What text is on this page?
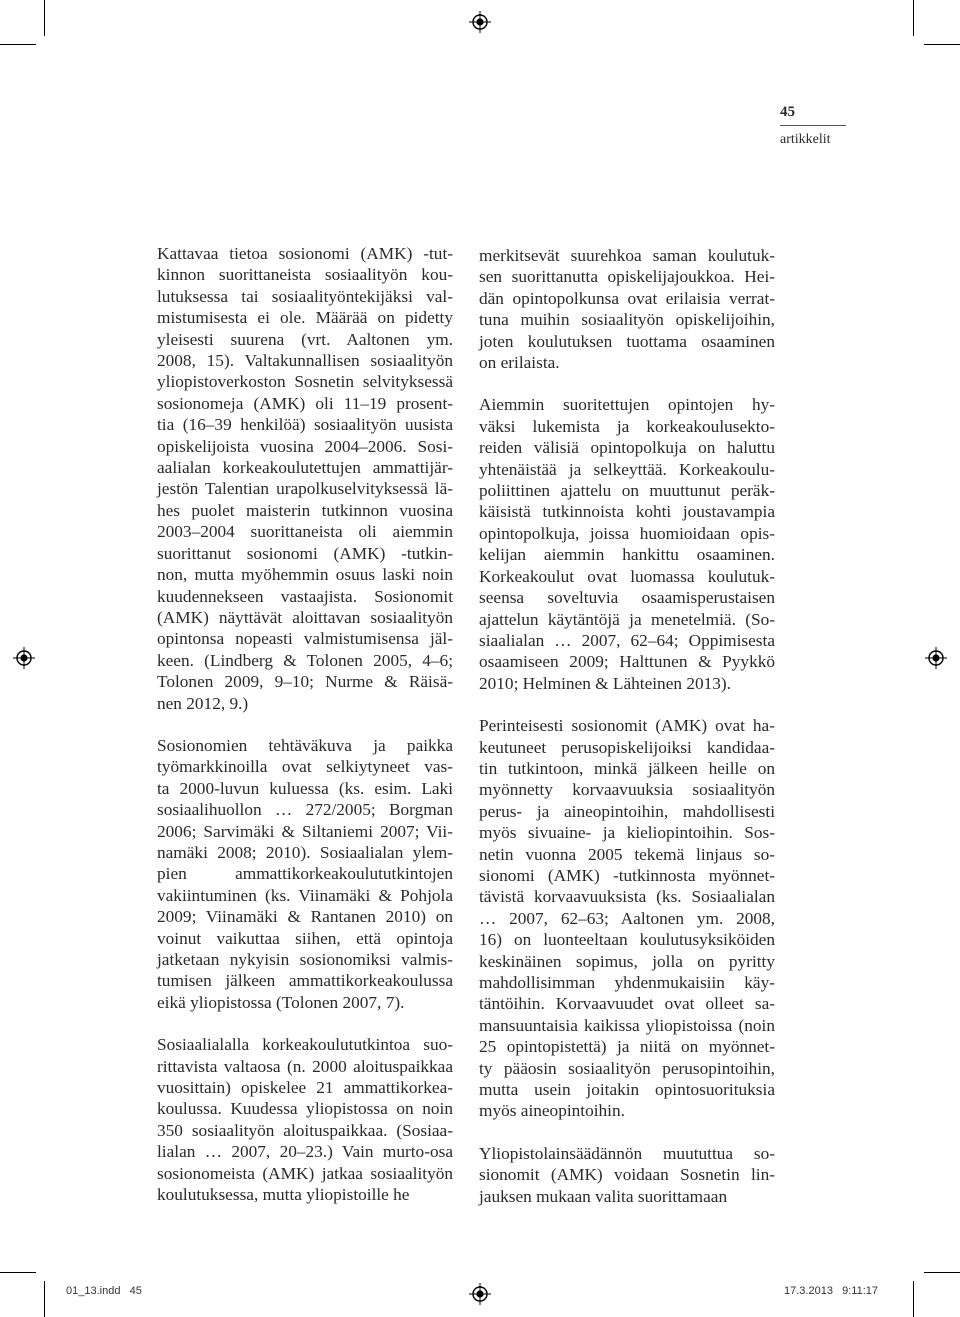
45
artikkelit
Kattavaa tietoa sosionomi (AMK) -tut-
kinnon suorittaneista sosiaalityön kou-
lutuksessa tai sosiaalityöntekijäksi val-
mistumisesta ei ole. Määrää on pidetty
yleisesti suurena (vrt. Aaltonen ym.
2008, 15). Valtakunnallisen sosiaalityön
yliopistoverkoston Sosnetin selvityksessä
sosionomeja (AMK) oli 11–19 prosent-
tia (16–39 henkilöä) sosiaalityön uusista
opiskelijoista vuosina 2004–2006. Sosi-
aalialan korkeakoulutettujen ammattijär-
jestön Talentian urapolkuselvityksessä lä-
hes puolet maisterin tutkinnon vuosina
2003–2004 suorittaneista oli aiemmin
suorittanut sosionomi (AMK) -tutkin-
non, mutta myöhemmin osuus laski noin
kuudennekseen vastaajista. Sosionomit
(AMK) näyttävät aloittavan sosiaalityön
opintonsa nopeasti valmistumisensa jäl-
keen. (Lindberg & Tolonen 2005, 4–6;
Tolonen 2009, 9–10; Nurme & Räisä-
nen 2012, 9.)
Sosionomien tehtäväkuva ja paikka
työmarkkinoilla ovat selkiytyneet vas-
ta 2000-luvun kuluessa (ks. esim. Laki
sosiaalihuollon … 272/2005; Borgman
2006; Sarvimäki & Siltaniemi 2007; Vii-
namäki 2008; 2010). Sosiaalialan ylem-
pien ammattikorkeakoulututkintojen
vakiintuminen (ks. Viinamäki & Pohjola
2009; Viinamäki & Rantanen 2010) on
voinut vaikuttaa siihen, että opintoja
jatketaan nykyisin sosionomiksi valmis-
tumisen jälkeen ammattikorkeakoulussa
eikä yliopistossa (Tolonen 2007, 7).
Sosiaalialalla korkeakoulututkintoa suo-
rittavista valtaosa (n. 2000 aloituspaikkaa
vuosittain) opiskelee 21 ammattikorkea-
koulussa. Kuudessa yliopistossa on noin
350 sosiaalityön aloituspaikkaa. (Sosiaa-
lialan … 2007, 20–23.) Vain murto-osa
sosionomeista (AMK) jatkaa sosiaalityön
koulutuksessa, mutta yliopistoille he
merkitsevät suurehkoa saman koulutuk-
sen suorittanutta opiskelijajoukkoa. Hei-
dän opintopolkunsa ovat erilaisia verrat-
tuna muihin sosiaalityön opiskelijoihin,
joten koulutuksen tuottama osaaminen
on erilaista.
Aiemmin suoritettujen opintojen hy-
väksi lukemista ja korkeakoulusekto-
reiden välisiä opintopolkuja on haluttu
yhtenäistää ja selkeyttää. Korkeakoulu-
poliittinen ajattelu on muuttunut peräk-
käisistä tutkinnoista kohti joustavampia
opintopolkuja, joissa huomioidaan opis-
kelijan aiemmin hankittu osaaminen.
Korkeakoulut ovat luomassa koulutuk-
seensa soveltuvia osaamisperustaisen
ajattelun käytäntöjä ja menetelmiä. (So-
siaalialan … 2007, 62–64; Oppimisesta
osaamiseen 2009; Halttunen & Pyykkö
2010; Helminen & Lähteinen 2013).
Perinteisesti sosionomit (AMK) ovat ha-
keutuneet perusopiskelijoiksi kandidaa-
tin tutkintoon, minkä jälkeen heille on
myönnetty korvaavuuksia sosiaalityön
perus- ja aineopintoihin, mahdollisesti
myös sivuaine- ja kieliopintoihin. Sos-
netin vuonna 2005 tekemä linjaus so-
sionomi (AMK) -tutkinnosta myönnet-
tävistä korvaavuuksista (ks. Sosiaalialan
… 2007, 62–63; Aaltonen ym. 2008,
16) on luonteeltaan koulutusyksiköiden
keskinäinen sopimus, jolla on pyritty
mahdollisimman yhdenmukaisiin käy-
täntöihin. Korvaavuudet ovat olleet sa-
mansuuntaisia kaikissa yliopistoissa (noin
25 opintopistettä) ja niitä on myönnet-
ty pääosin sosiaalityön perusopintoihin,
mutta usein joitakin opintosuorituksia
myös aineopintoihin.
Yliopistolainsäädännön muututtua so-
sionomit (AMK) voidaan Sosnetin lin-
jauksen mukaan valita suorittamaan
01_13.indd   45	17.3.2013   9:11:17
